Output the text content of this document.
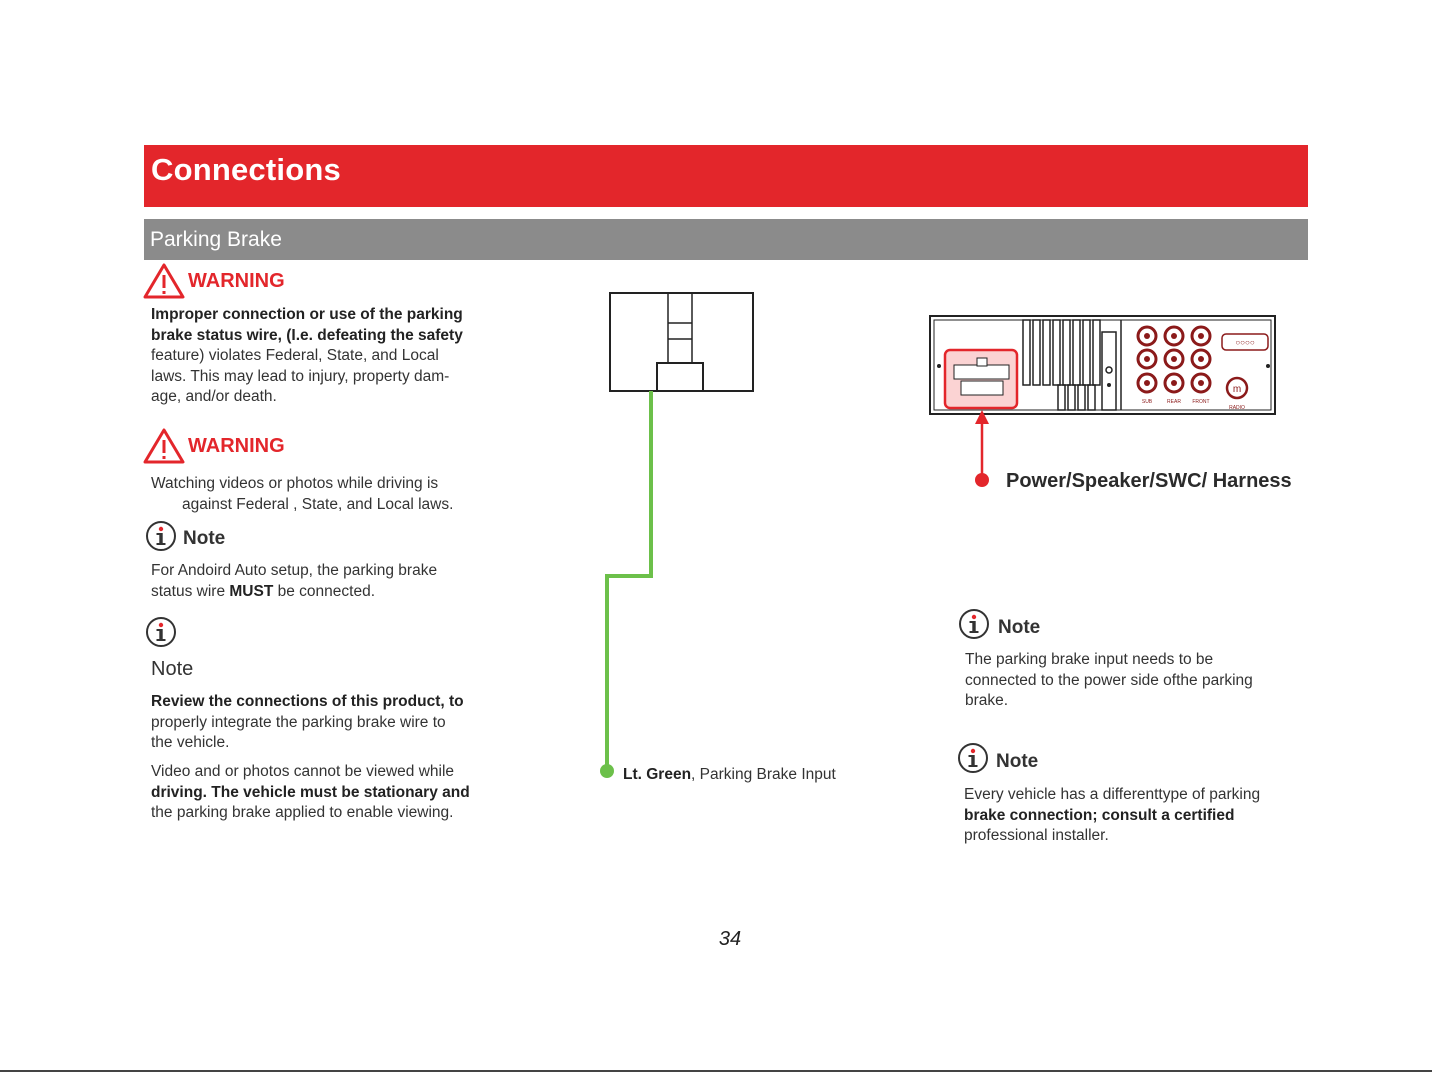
Connections
Parking Brake
WARNING
Improper connection or use of the parking
brake status wire, (I.e. defeating the safety
feature) violates Federal, State, and Local
laws. This may lead to injury, property dam-
age, and/or death.
WARNING
Watching videos or photos while driving is
against Federal , State, and Local laws.
Note
For Andoird Auto setup, the parking brake
status wire MUST be connected.
Note
Review the connections of this product, to
properly integrate the parking brake wire to
the vehicle.
Video and or photos cannot be viewed while
driving. The vehicle must be stationary and
the parking brake applied to enable viewing.
Lt. Green, Parking Brake Input
SUB	REAR FRONT
○○○○
m
RADIO
Power/Speaker/SWC/ Harness
Note
The parking brake input needs to be
connected to the power side ofthe parking
brake.
Note
Every vehicle has a differenttype of parking
brake connection; consult a certified
professional installer.
34
